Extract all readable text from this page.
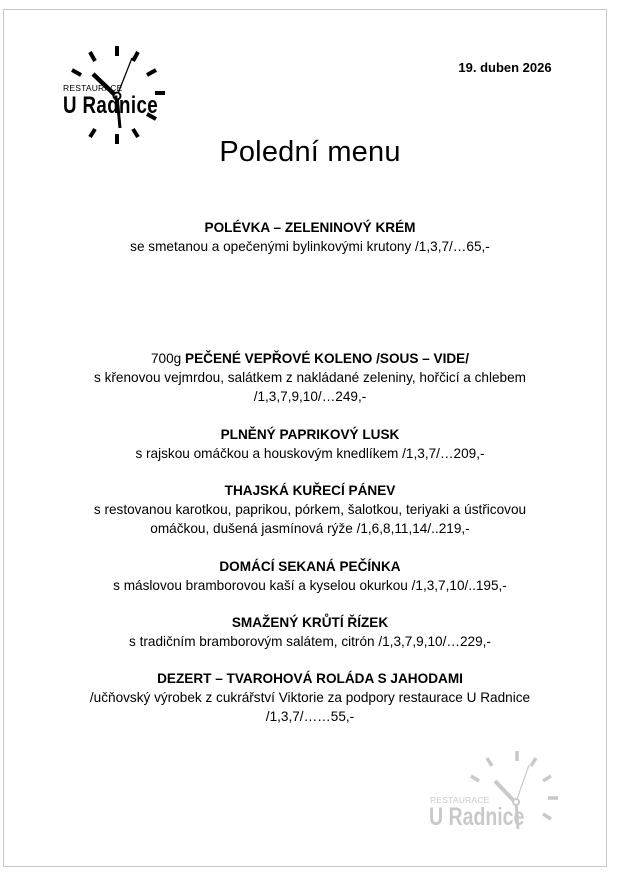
RESTAURACE
U Radnice
19. duben 2026
Polední menu
POLÉVKA – ZELENINOVÝ KRÉM
se smetanou a opečenými bylinkovými krutony /1,3,7/…65,-
700g PEČENÉ VEPŘOVÉ KOLENO /SOUS – VIDE/
s křenovou vejmrdou, salátkem z nakládané zeleniny, hořčicí a chlebem
/1,3,7,9,10/…249,-
PLNĚNÝ PAPRIKOVÝ LUSK
s rajskou omáčkou a houskovým knedlíkem /1,3,7/…209,-
THAJSKÁ KUŘECÍ PÁNEV
s restovanou karotkou, paprikou, pórkem, šalotkou, teriyaki a ústřicovou
omáčkou, dušená jasmínová rýže /1,6,8,11,14/..219,-
DOMÁCÍ SEKANÁ PEČÍNKA
s máslovou bramborovou kaší a kyselou okurkou /1,3,7,10/..195,-
SMAŽENÝ KRŮTÍ ŘÍZEK
s tradičním bramborovým salátem, citrón /1,3,7,9,10/…229,-
DEZERT – TVAROHOVÁ ROLÁDA S JAHODAMI
/učňovský výrobek z cukrářství Viktorie za podpory restaurace U Radnice
/1,3,7/……55,-
RESTAURACE
U Radnice
